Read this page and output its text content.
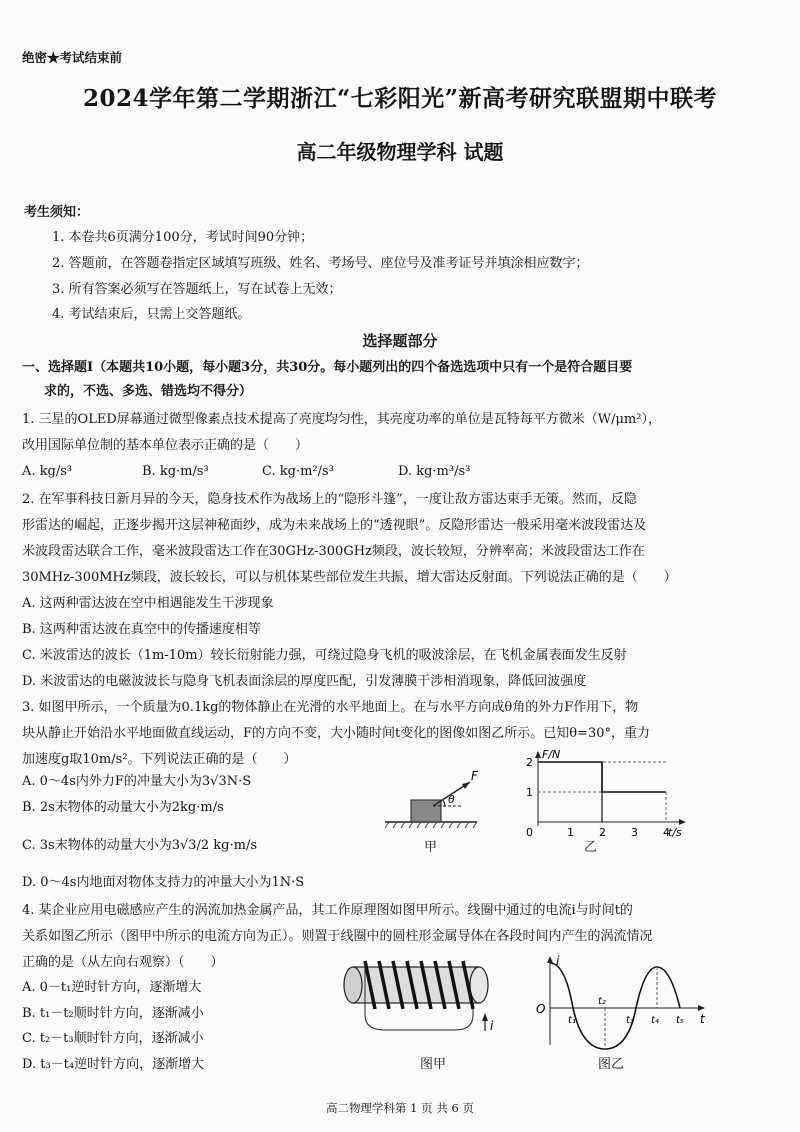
绝密★考试结束前
2024学年第二学期浙江“七彩阳光”新高考研究联盟期中联考
高二年级物理学科 试题
考生须知：
1. 本卷共6页满分100分，考试时间90分钟；
2. 答题前，在答题卷指定区域填写班级、姓名、考场号、座位号及准考证号并填涂相应数字；
3. 所有答案必须写在答题纸上，写在试卷上无效；
4. 考试结束后，只需上交答题纸。
选择题部分
一、选择题Ⅰ（本题共10小题，每小题3分，共30分。每小题列出的四个备选选项中只有一个是符合题目要
求的，不选、多选、错选均不得分）
1. 三星的OLED屏幕通过微型像素点技术提高了亮度均匀性，其亮度功率的单位是瓦特每平方微米（W/μm²），
改用国际单位制的基本单位表示正确的是（　　）
A. kg/s³	B. kg·m/s³	C. kg·m²/s³	D. kg·m³/s³
2. 在军事科技日新月异的今天，隐身技术作为战场上的“隐形斗篷”，一度让敌方雷达束手无策。然而，反隐
形雷达的崛起，正逐步揭开这层神秘面纱，成为未来战场上的“透视眼”。反隐形雷达一般采用毫米波段雷达及
米波段雷达联合工作，毫米波段雷达工作在30GHz-300GHz频段，波长较短，分辨率高；米波段雷达工作在
30MHz-300MHz频段，波长较长，可以与机体某些部位发生共振，增大雷达反射面。下列说法正确的是（　　）
A. 这两种雷达波在空中相遇能发生干涉现象
B. 这两种雷达波在真空中的传播速度相等
C. 米波雷达的波长（1m-10m）较长衍射能力强，可绕过隐身飞机的吸波涂层，在飞机金属表面发生反射
D. 米波雷达的电磁波波长与隐身飞机表面涂层的厚度匹配，引发薄膜干涉相消现象，降低回波强度
3. 如图甲所示，一个质量为0.1kg的物体静止在光滑的水平地面上。在与水平方向成θ角的外力F作用下，物
块从静止开始沿水平地面做直线运动，F的方向不变，大小随时间t变化的图像如图乙所示。已知θ=30°，重力
加速度g取10m/s²。下列说法正确的是（　　）
A. 0～4s内外力F的冲量大小为3√3N·S
B. 2s末物体的动量大小为2kg·m/s
C. 3s末物体的动量大小为3√3/2 kg·m/s
D. 0～4s内地面对物体支持力的冲量大小为1N·S
F
θ
甲
F/N
t/s
0	1 2 3 4
1
2
乙
4. 某企业应用电磁感应产生的涡流加热金属产品，其工作原理图如图甲所示。线圈中通过的电流i与时间t的
关系如图乙所示（图甲中所示的电流方向为正）。则置于线圈中的圆柱形金属导体在各段时间内产生的涡流情况
正确的是（从左向右观察）（　　）
A. 0－t₁逆时针方向，逐渐增大
B. t₁－t₂顺时针方向，逐渐减小
C. t₂－t₃顺时针方向，逐渐减小
D. t₃－t₄逆时针方向，逐渐增大
i
图甲
i
t
O
t₁
t₂
t₃ t₄ t₅
图乙
高二物理学科第 1 页 共 6 页
